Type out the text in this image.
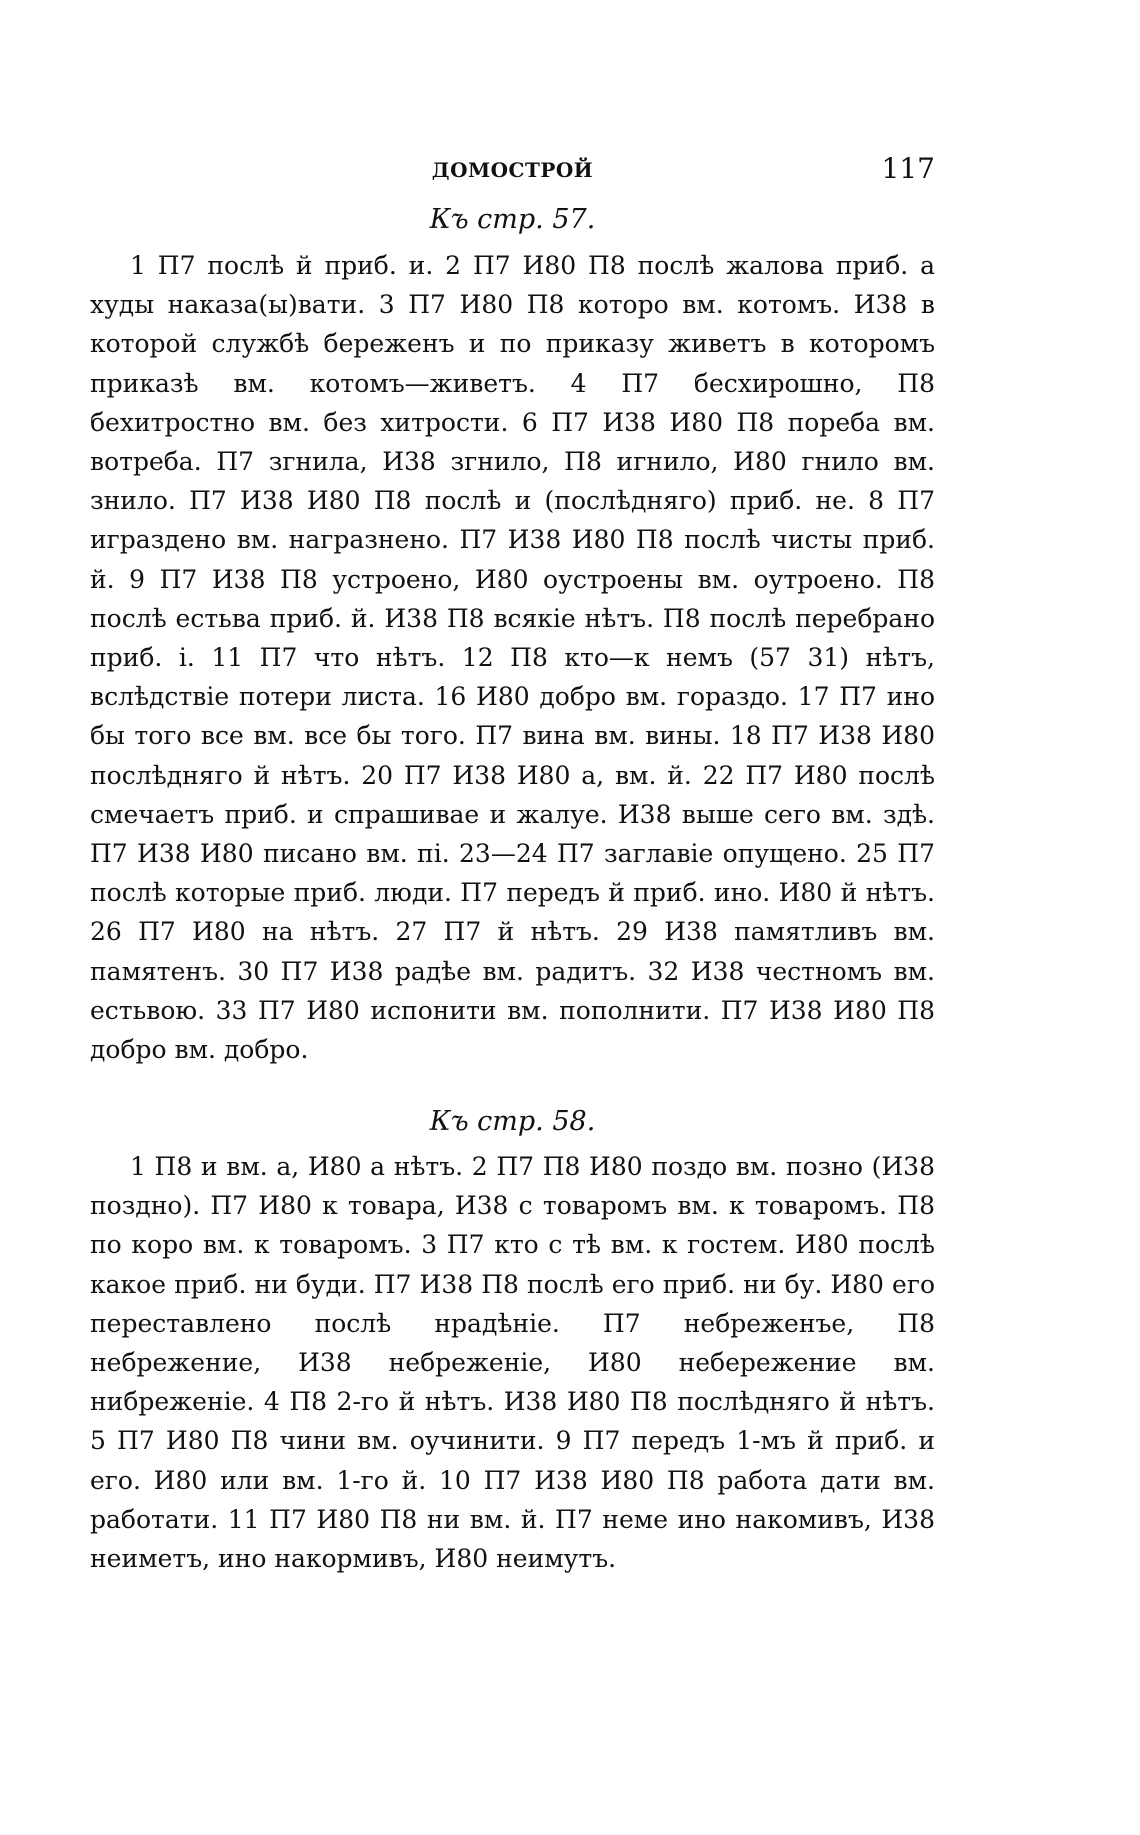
ДОМОСТРОЙ	117
Къ стр. 57.

1 П7 послѣ й приб. и. 2 П7 И80 П8 послѣ жалова приб. а худы наказа(ы)вати. 3 П7 И80 П8 которо вм. котомъ. И38 в которой службѣ береженъ и по приказу живетъ в которомъ приказѣ вм. котомъ—живетъ. 4 П7 бесхирошно, П8 бехитростно вм. без хитрости. 6 П7 И38 И80 П8 пореба вм. вотреба. П7 згнила, И38 згнило, П8 игнило, И80 гнило вм. знило. П7 И38 И80 П8 послѣ и (послѣдняго) приб. не. 8 П7 играздено вм. награзнено. П7 И38 И80 П8 послѣ чисты приб. й. 9 П7 И38 П8 устроено, И80 оустроены вм. оутроено. П8 послѣ естьва приб. й. И38 П8 всякіе нѣтъ. П8 послѣ перебрано приб. і. 11 П7 что нѣтъ. 12 П8 кто—к немъ (57 31) нѣтъ, вслѣдствіе потери листа. 16 И80 добро вм. гораздо. 17 П7 ино бы того все вм. все бы того. П7 вина вм. вины. 18 П7 И38 И80 послѣдняго й нѣтъ. 20 П7 И38 И80 а, вм. й. 22 П7 И80 послѣ смечаетъ приб. и спрашивае и жалуе. И38 выше сего вм. здѣ. П7 И38 И80 писано вм. пі. 23—24 П7 заглавіе опущено. 25 П7 послѣ которые приб. люди. П7 передъ й приб. ино. И80 й нѣтъ. 26 П7 И80 на нѣтъ. 27 П7 й нѣтъ. 29 И38 памятливъ вм. памятенъ. 30 П7 И38 радѣе вм. радитъ. 32 И38 честномъ вм. естьвою. 33 П7 И80 испонити вм. пополнити. П7 И38 И80 П8 добро вм. добро.

Къ стр. 58.

1 П8 и вм. а, И80 а нѣтъ. 2 П7 П8 И80 поздо вм. позно (И38 поздно). П7 И80 к товара, И38 с товаромъ вм. к товаромъ. П8 по коро вм. к товаромъ. 3 П7 кто с тѣ вм. к гостем. И80 послѣ какое приб. ни буди. П7 И38 П8 послѣ его приб. ни бу. И80 его переставлено послѣ нрадѣніе. П7 небреженъе, П8 небрежение, И38 небреженіе, И80 небережение вм. нибреженіе. 4 П8 2-го й нѣтъ. И38 И80 П8 послѣдняго й нѣтъ. 5 П7 И80 П8 чини вм. оучинити. 9 П7 передъ 1-мъ й приб. и его. И80 или вм. 1-го й. 10 П7 И38 И80 П8 работа дати вм. работати. 11 П7 И80 П8 ни вм. й. П7 неме ино накомивъ, И38 неиметъ, ино накормивъ, И80 неимутъ.
